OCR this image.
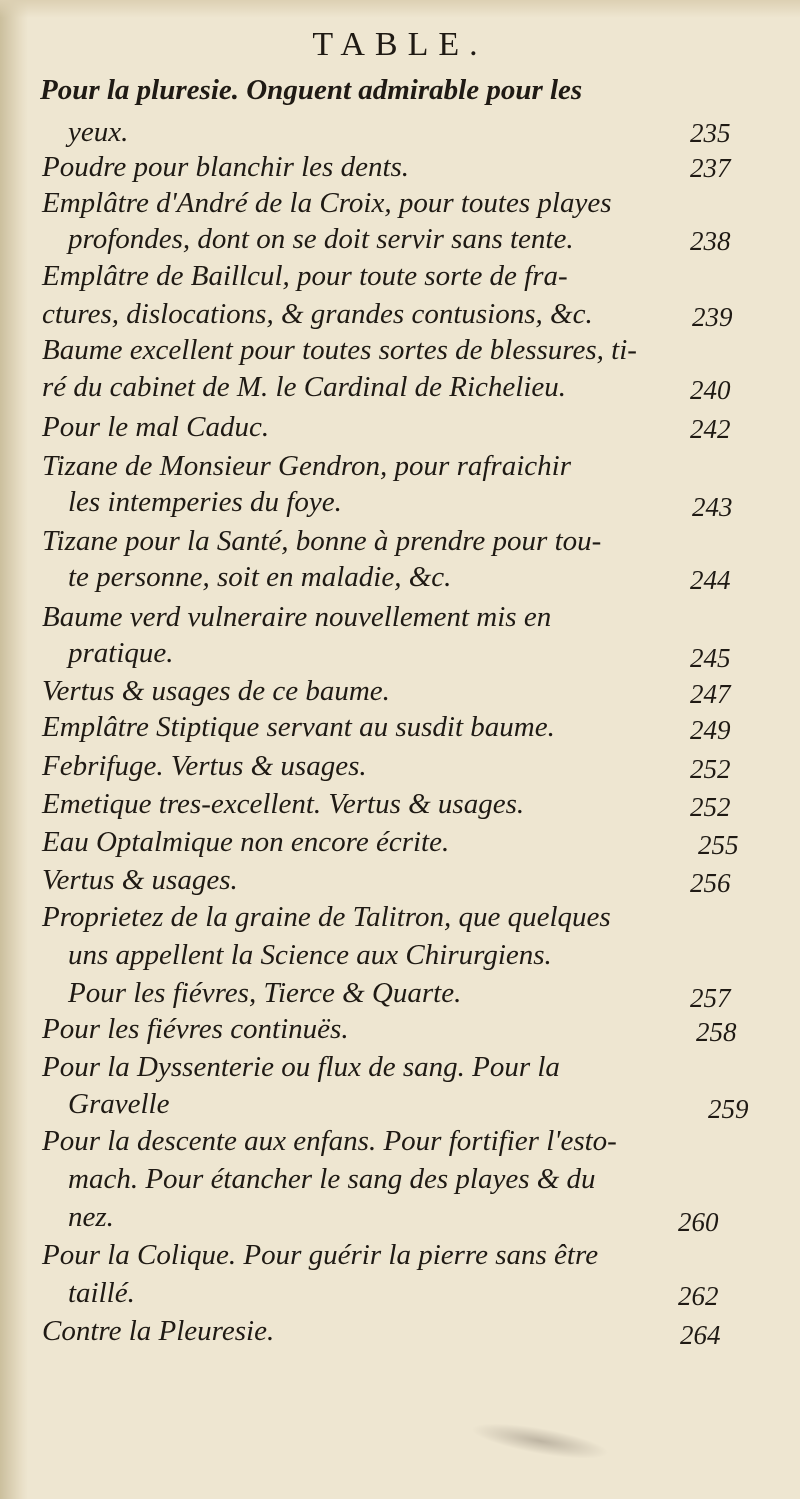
TABLE.
Pour la pluresie. Onguent admirable pour les
yeux.	235
Poudre pour blanchir les dents.	237
Emplâtre d'André de la Croix, pour toutes playes
profondes, dont on se doit servir sans tente.	238
Emplâtre de Baillcul, pour toute sorte de fra-
ctures, dislocations, & grandes contusions, &c.	239
Baume excellent pour toutes sortes de blessures, ti-
ré du cabinet de M. le Cardinal de Richelieu.	240
Pour le mal Caduc.	242
Tizane de Monsieur Gendron, pour rafraichir
les intemperies du foye.	243
Tizane pour la Santé, bonne à prendre pour tou-
te personne, soit en maladie, &c.	244
Baume verd vulneraire nouvellement mis en
pratique.	245
Vertus & usages de ce baume.	247
Emplâtre Stiptique servant au susdit baume.	249
Febrifuge. Vertus & usages.	252
Emetique tres-excellent. Vertus & usages.	252
Eau Optalmique non encore écrite.	255
Vertus & usages.	256
Proprietez de la graine de Talitron, que quelques
uns appellent la Science aux Chirurgiens.
Pour les fiévres, Tierce & Quarte.	257
Pour les fiévres continuës.	258
Pour la Dyssenterie ou flux de sang. Pour la
Gravelle	259
Pour la descente aux enfans. Pour fortifier l'esto-
mach. Pour étancher le sang des playes & du
nez.	260
Pour la Colique. Pour guérir la pierre sans être
taillé.	262
Contre la Pleuresie.	264
